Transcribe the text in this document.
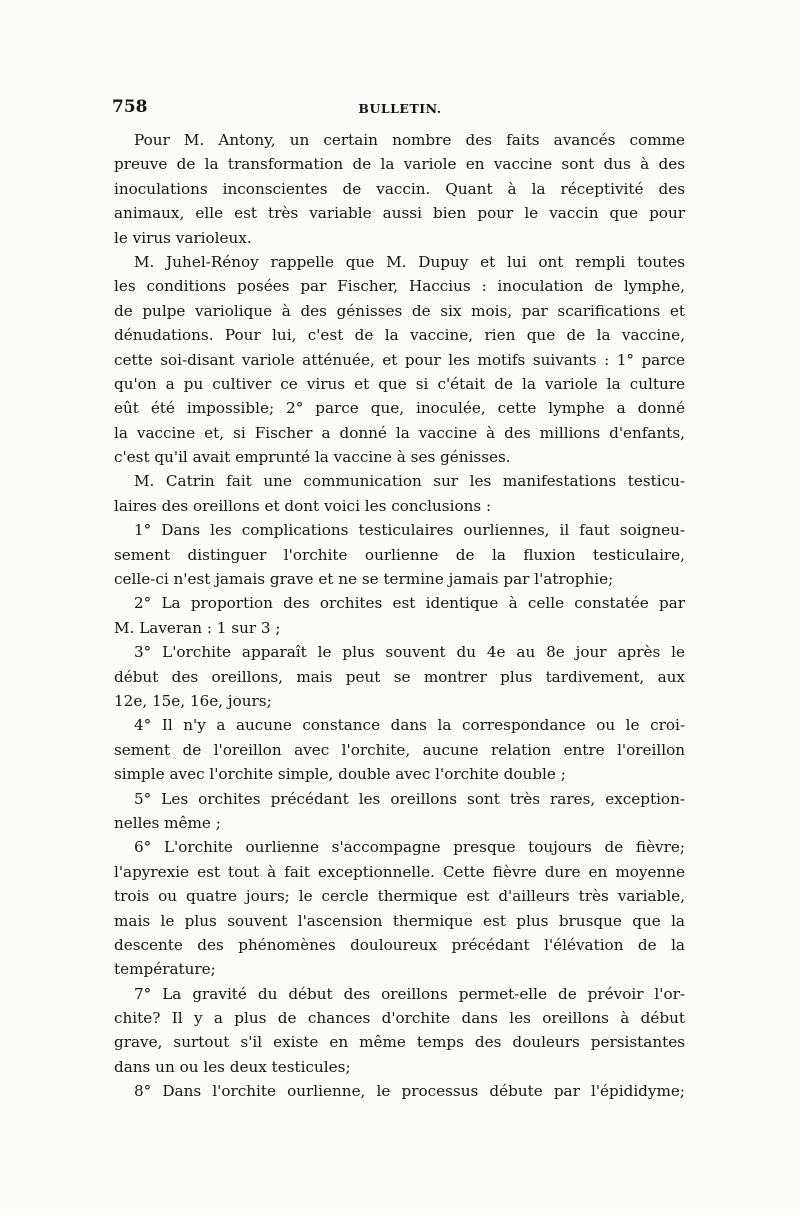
758	BULLETIN.
Pour M. Antony, un certain nombre des faits avancés comme
preuve de la transformation de la variole en vaccine sont dus à des
inoculations inconscientes de vaccin. Quant à la réceptivité des
animaux, elle est très variable aussi bien pour le vaccin que pour
le virus varioleux.
M. Juhel-Rénoy rappelle que M. Dupuy et lui ont rempli toutes
les conditions posées par Fischer, Haccius : inoculation de lymphe,
de pulpe variolique à des génisses de six mois, par scarifications et
dénudations. Pour lui, c'est de la vaccine, rien que de la vaccine,
cette soi-disant variole atténuée, et pour les motifs suivants : 1° parce
qu'on a pu cultiver ce virus et que si c'était de la variole la culture
eût été impossible; 2° parce que, inoculée, cette lymphe a donné
la vaccine et, si Fischer a donné la vaccine à des millions d'enfants,
c'est qu'il avait emprunté la vaccine à ses génisses.
M. Catrin fait une communication sur les manifestations testicu-
laires des oreillons et dont voici les conclusions :
1° Dans les complications testiculaires ourliennes, il faut soigneu-
sement distinguer l'orchite ourlienne de la fluxion testiculaire,
celle-ci n'est jamais grave et ne se termine jamais par l'atrophie;
2° La proportion des orchites est identique à celle constatée par
M. Laveran : 1 sur 3 ;
3° L'orchite apparaît le plus souvent du 4e au 8e jour après le
début des oreillons, mais peut se montrer plus tardivement, aux
12e, 15e, 16e, jours;
4° Il n'y a aucune constance dans la correspondance ou le croi-
sement de l'oreillon avec l'orchite, aucune relation entre l'oreillon
simple avec l'orchite simple, double avec l'orchite double ;
5° Les orchites précédant les oreillons sont très rares, exception-
nelles même ;
6° L'orchite ourlienne s'accompagne presque toujours de fièvre;
l'apyrexie est tout à fait exceptionnelle. Cette fièvre dure en moyenne
trois ou quatre jours; le cercle thermique est d'ailleurs très variable,
mais le plus souvent l'ascension thermique est plus brusque que la
descente des phénomènes douloureux précédant l'élévation de la
température;
7° La gravité du début des oreillons permet-elle de prévoir l'or-
chite? Il y a plus de chances d'orchite dans les oreillons à début
grave, surtout s'il existe en même temps des douleurs persistantes
dans un ou les deux testicules;
8° Dans l'orchite ourlienne, le processus débute par l'épididyme;
